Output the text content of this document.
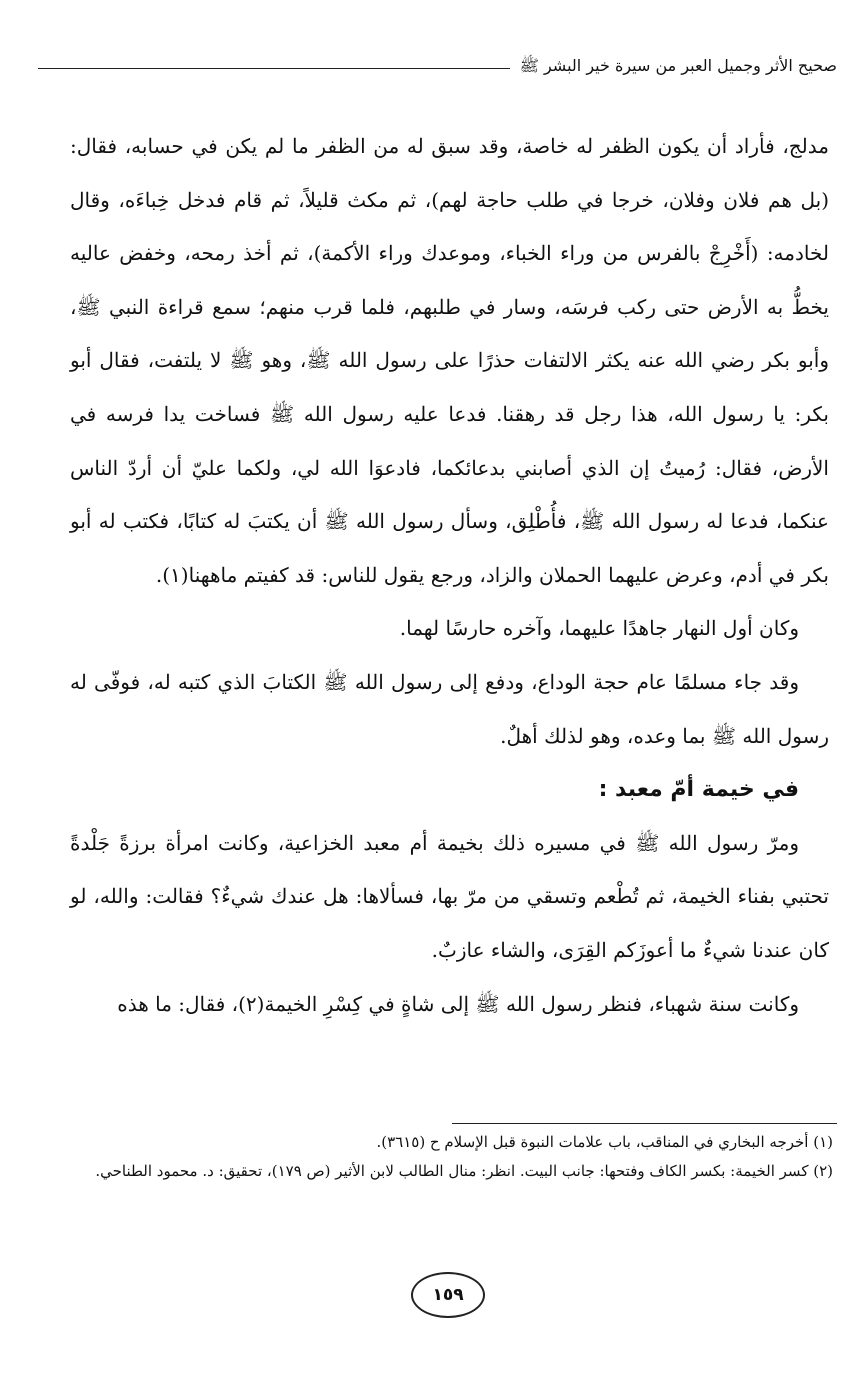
صحيح الأثر وجميل العبر من سيرة خير البشر ﷺ

مدلج، فأراد أن يكون الظفر له خاصة، وقد سبق له من الظفر ما لم يكن في حسابه، فقال: (بل هم فلان وفلان، خرجا في طلب حاجة لهم)، ثم مكث قليلاً، ثم قام فدخل خِباءَه، وقال لخادمه: (أَخْرِجْ بالفرس من وراء الخباء، وموعدك وراء الأكمة)، ثم أخذ رمحه، وخفض عاليه يخطُّ به الأرض حتى ركب فرسَه، وسار في طلبهم، فلما قرب منهم؛ سمع قراءة النبي ﷺ، وأبو بكر رضي الله عنه يكثر الالتفات حذرًا على رسول الله ﷺ، وهو ﷺ لا يلتفت، فقال أبو بكر: يا رسول الله، هذا رجل قد رهقنا. فدعا عليه رسول الله ﷺ فساخت يدا فرسه في الأرض، فقال: رُميتُ إن الذي أصابني بدعائكما، فادعوَا الله لي، ولكما عليّ أن أردّ الناس عنكما، فدعا له رسول الله ﷺ، فأُطْلِق، وسأل رسول الله ﷺ أن يكتبَ له كتابًا، فكتب له أبو بكر في أدم، وعرض عليهما الحملان والزاد، ورجع يقول للناس: قد كفيتم ماهھنا(١).

وكان أول النهار جاهدًا عليهما، وآخره حارسًا لهما.

وقد جاء مسلمًا عام حجة الوداع، ودفع إلى رسول الله ﷺ الكتابَ الذي كتبه له، فوفّى له رسول الله ﷺ بما وعده، وهو لذلك أهلٌ.

في خيمة أمّ معبد :

ومرّ رسول الله ﷺ في مسيره ذلك بخيمة أم معبد الخزاعية، وكانت امرأة برزةً جَلْدةً تحتبي بفناء الخيمة، ثم تُطْعم وتسقي من مرّ بها، فسألاها: هل عندك شيءٌ؟ فقالت: والله، لو كان عندنا شيءٌ ما أعوزَكم القِرَى، والشاء عازبٌ.

وكانت سنة شهباء، فنظر رسول الله ﷺ إلى شاةٍ في كِسْرِ الخيمة(٢)، فقال: ما هذه

(١) أخرجه البخاري في المناقب، باب علامات النبوة قبل الإسلام ح (٣٦١٥).

(٢) كسر الخيمة: بكسر الكاف وفتحها: جانب البيت. انظر: منال الطالب لابن الأثير (ص ١٧٩)، تحقيق: د. محمود الطناحي.

١٥٩
